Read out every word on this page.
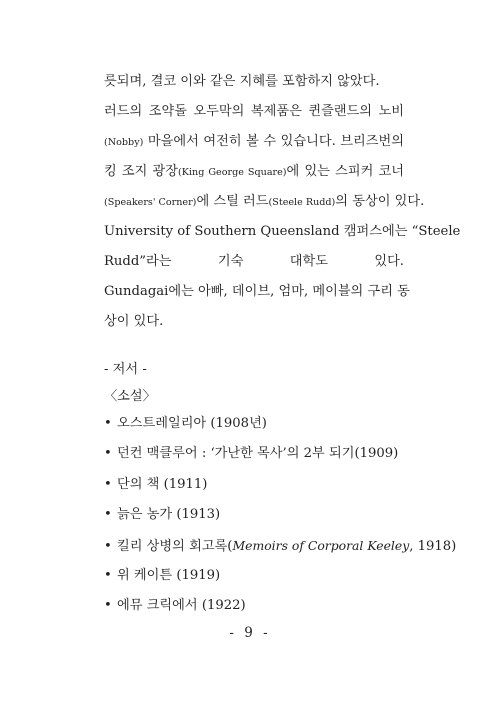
릇되며, 결코 이와 같은 지혜를 포함하지 않았다.
러드의 조약돌 오두막의 복제품은 퀸즐랜드의 노비
(Nobby) 마을에서 여전히 볼 수 있습니다. 브리즈번의
킹 조지 광장(King George Square)에 있는 스피커 코너
(Speakers' Corner)에 스틸 러드(Steele Rudd)의 동상이 있다.
University of Southern Queensland 캠퍼스에는 “Steele
Rudd”라는 기숙 대학도 있다.
Gundagai에는 아빠, 데이브, 엄마, 메이블의 구리 동
상이 있다.
- 저서 -
〈소설〉
• 오스트레일리아 (1908년)
• 던컨 맥클루어 : ‘가난한 목사’의 2부 되기(1909)
• 단의 책 (1911)
• 늙은 농가 (1913)
• 킬리 상병의 회고록(Memoirs of Corporal Keeley, 1918)
• 위 케이튼 (1919)
• 에뮤 크릭에서 (1922)
- 9 -
